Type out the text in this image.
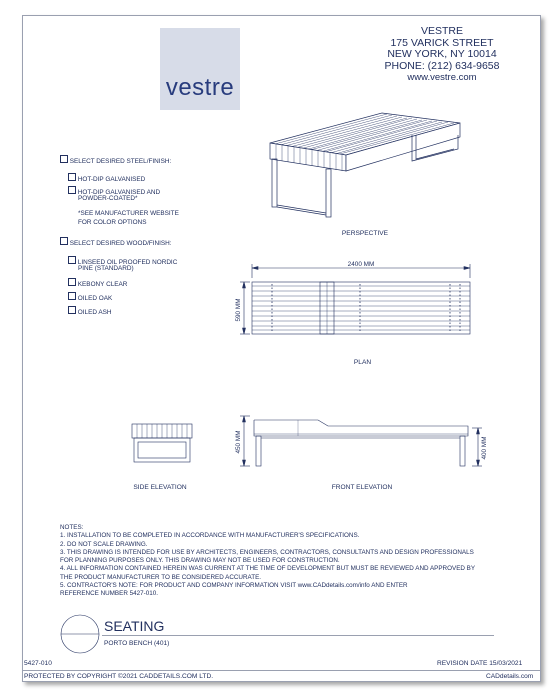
vestre
VESTRE
175 VARICK STREET
NEW YORK, NY 10014
PHONE: (212) 634-9658
www.vestre.com
SELECT DESIRED STEEL/FINISH:
HOT-DIP GALVANISED
HOT-DIP GALVANISED AND
POWDER-COATED*
*SEE MANUFACTURER WEBSITE
FOR COLOR OPTIONS
SELECT DESIRED WOOD/FINISH:
LINSEED OIL PROOFED NORDIC
PINE (STANDARD)
KEBONY CLEAR
OILED OAK
OILED ASH
PERSPECTIVE
2400 MM
590 MM
PLAN
SIDE ELEVATION
450 MM	400 MM
FRONT ELEVATION
NOTES:
1. INSTALLATION TO BE COMPLETED IN ACCORDANCE WITH MANUFACTURER'S SPECIFICATIONS.
2. DO NOT SCALE DRAWING.
3. THIS DRAWING IS INTENDED FOR USE BY ARCHITECTS, ENGINEERS, CONTRACTORS, CONSULTANTS AND DESIGN PROFESSIONALS
FOR PLANNING PURPOSES ONLY. THIS DRAWING MAY NOT BE USED FOR CONSTRUCTION.
4. ALL INFORMATION CONTAINED HEREIN WAS CURRENT AT THE TIME OF DEVELOPMENT BUT MUST BE REVIEWED AND APPROVED BY
THE PRODUCT MANUFACTURER TO BE CONSIDERED ACCURATE.
5. CONTRACTOR'S NOTE: FOR PRODUCT AND COMPANY INFORMATION VISIT www.CADdetails.com/info AND ENTER
REFERENCE NUMBER 5427-010.
SEATING
PORTO BENCH (401)
5427-010	REVISION DATE 15/03/2021
PROTECTED BY COPYRIGHT ©2021 CADDETAILS.COM LTD.	CADdetails.com
